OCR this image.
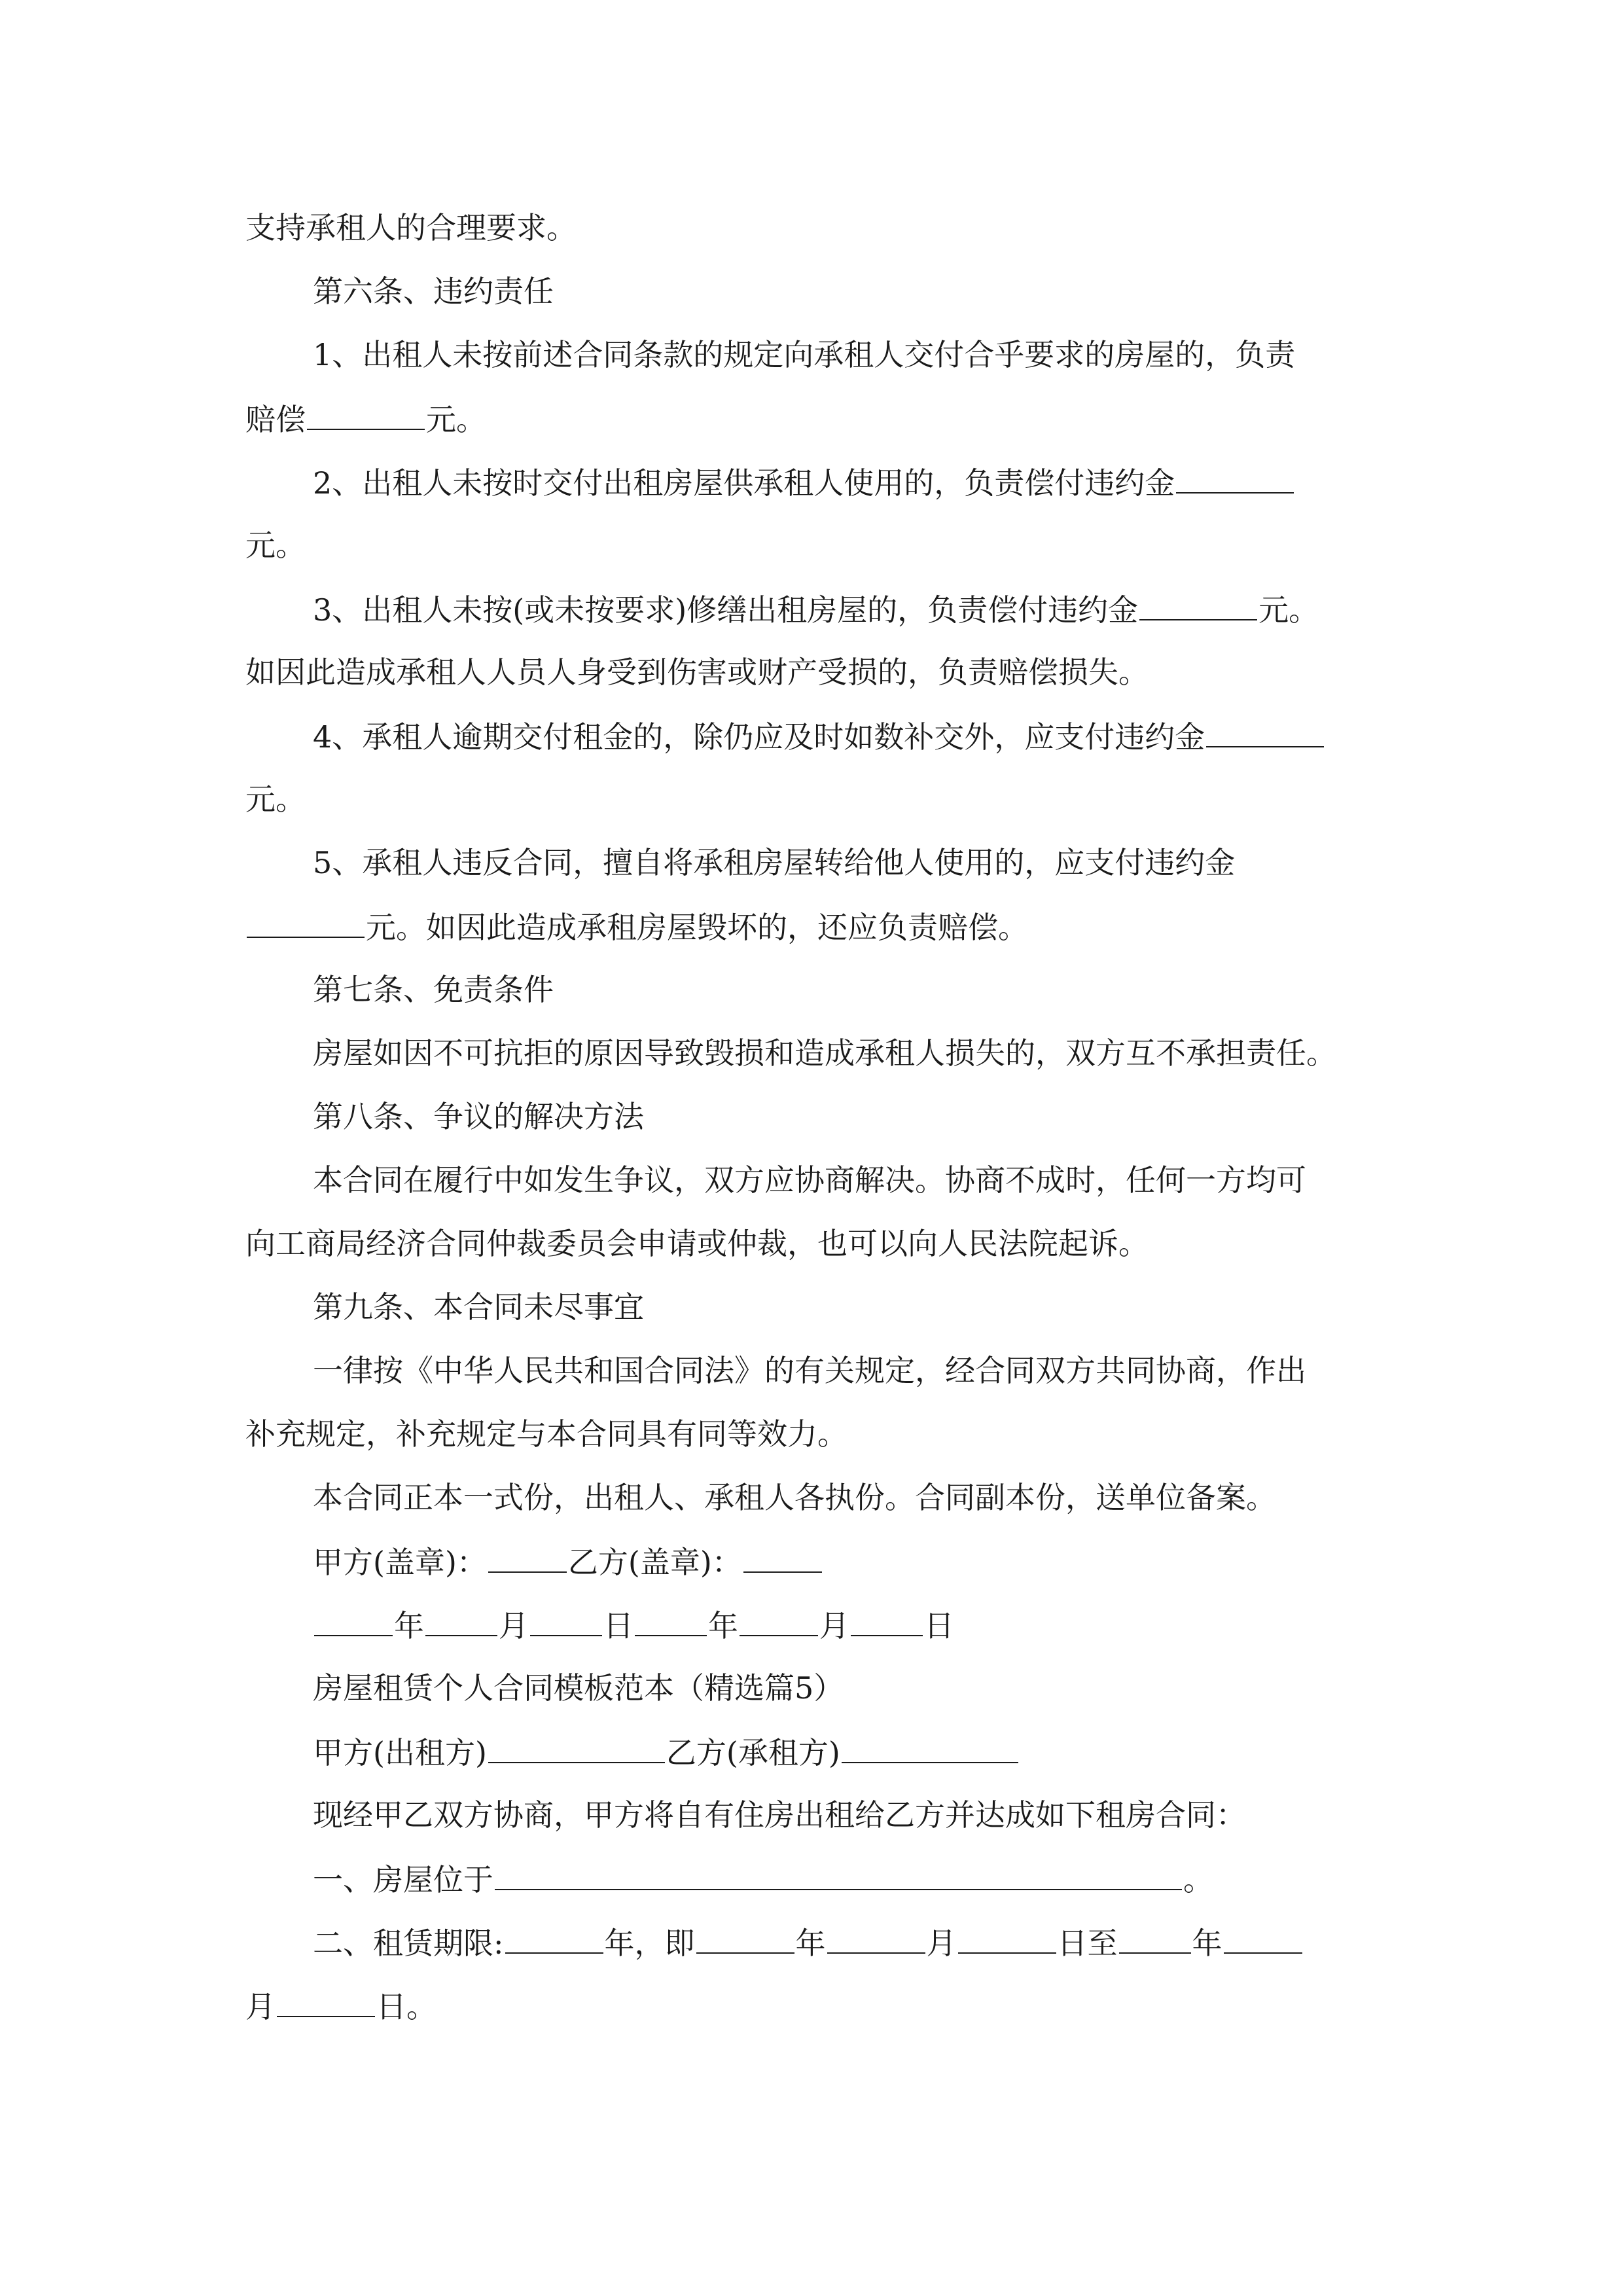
支持承租人的合理要求。
第六条、违约责任
1、出租人未按前述合同条款的规定向承租人交付合乎要求的房屋的，负责
赔偿	元。
2、出租人未按时交付出租房屋供承租人使用的，负责偿付违约金
元。
3、出租人未按(或未按要求)修缮出租房屋的，负责偿付违约金	元。
如因此造成承租人人员人身受到伤害或财产受损的，负责赔偿损失。
4、承租人逾期交付租金的，除仍应及时如数补交外，应支付违约金
元。
5、承租人违反合同，擅自将承租房屋转给他人使用的，应支付违约金
元。如因此造成承租房屋毁坏的，还应负责赔偿。
第七条、免责条件
房屋如因不可抗拒的原因导致毁损和造成承租人损失的，双方互不承担责任。
第八条、争议的解决方法
本合同在履行中如发生争议，双方应协商解决。协商不成时，任何一方均可
向工商局经济合同仲裁委员会申请或仲裁，也可以向人民法院起诉。
第九条、本合同未尽事宜
一律按《中华人民共和国合同法》的有关规定，经合同双方共同协商，作出
补充规定，补充规定与本合同具有同等效力。
本合同正本一式份，出租人、承租人各执份。合同副本份，送单位备案。
甲方(盖章)：	乙方(盖章)：
年 月 日 年	月 日
房屋租赁个人合同模板范本（精选篇5）
甲方(出租方)	乙方(承租方)
现经甲乙双方协商，甲方将自有住房出租给乙方并达成如下租房合同：
一、房屋位于	。
二、租赁期限:	年，即	年	月	日至 年
月	日。
